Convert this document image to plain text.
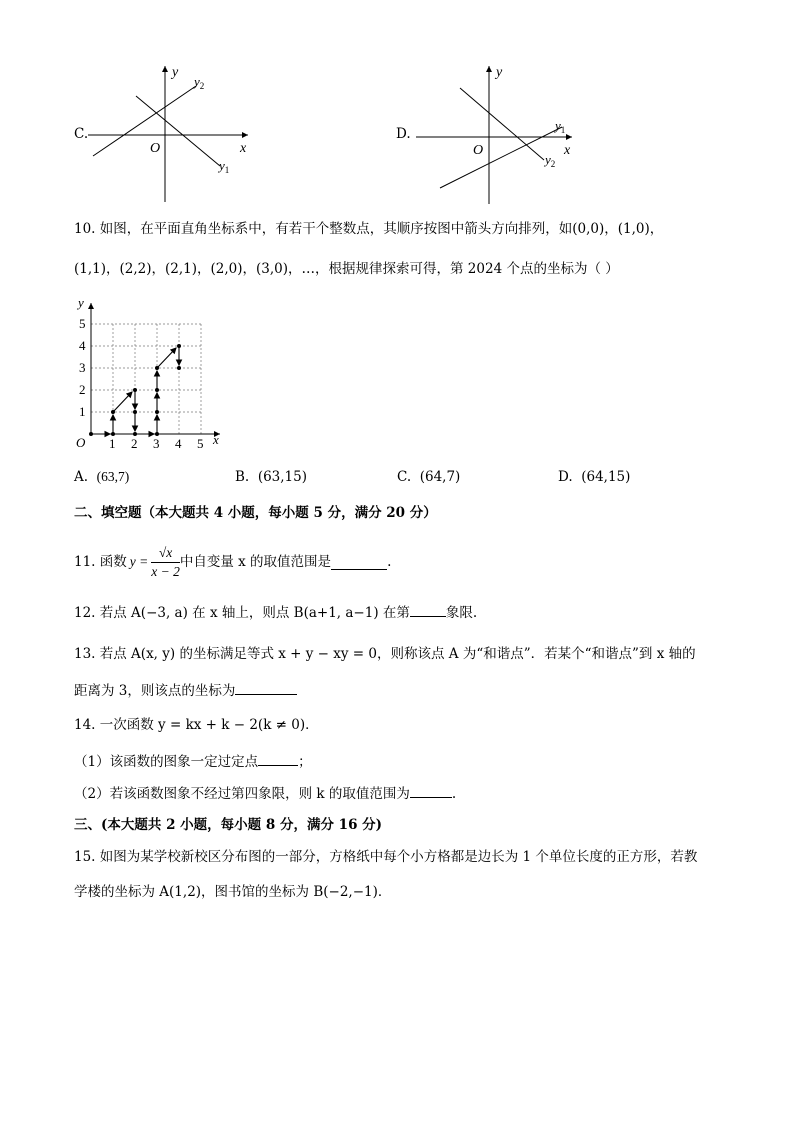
C.
x
y
O
$y_2$
$y_1$
D.
x
y
O
$y_1$
$y_2$
10. 如图，在平面直角坐标系中，有若干个整数点，其顺序按图中箭头方向排列，如(0,0)，(1,0)，
(1,1)，(2,2)，(2,1)，(2,0)，(3,0)，…，根据规律探索可得，第 2024 个点的坐标为（ ）
y
x
O 1 2 3 4 5
1
2
3
4
5
A. (63,7)	B. (63,15)	C. (64,7)	D. (64,15)
二、填空题（本大题共 4 小题，每小题 5 分，满分 20 分）
11. 函数 $y = \frac{√x}{x - 2}$ 中自变量 x 的取值范围是	.
12. 若点 A(−3, a) 在 x 轴上，则点 B(a+1, a−1) 在第	象限.
13. 若点 A(x, y) 的坐标满足等式 x + y − xy = 0，则称该点 A 为“和谐点”．若某个“和谐点”到 x 轴的
距离为 3，则该点的坐标为
14. 一次函数 y = kx + k − 2(k ≠ 0)．
（1）该函数的图象一定过定点	；
（2）若该函数图象不经过第四象限，则 k 的取值范围为	.
三、(本大题共 2 小题，每小题 8 分，满分 16 分)
15. 如图为某学校新校区分布图的一部分，方格纸中每个小方格都是边长为 1 个单位长度的正方形，若教
学楼的坐标为 A(1,2)，图书馆的坐标为 B(−2,−1)．
